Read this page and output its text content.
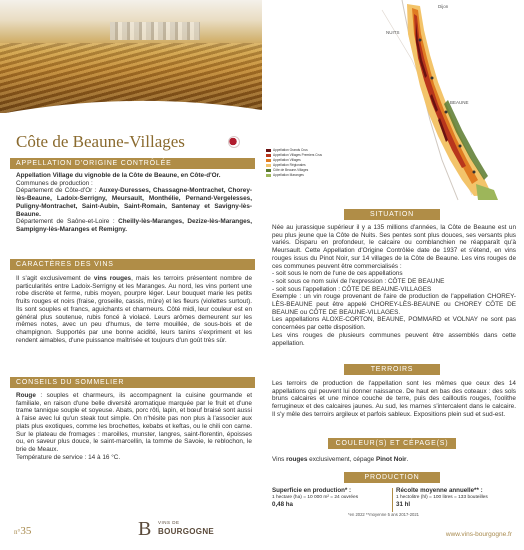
Côte de Beaune-Villages
APPELLATION D'ORIGINE CONTRÔLÉE
Appellation Village du vignoble de la Côte de Beaune, en Côte-d'Or.
Communes de production :
Département de Côte-d'Or : Auxey-Duresses, Chassagne-Montrachet, Chorey-lès-Beaune, Ladoix-Serrigny, Meursault, Monthélie, Pernand-Vergelesses, Puligny-Montrachet, Saint-Aubin, Saint-Romain, Santenay et Savigny-lès-Beaune.
Département de Saône-et-Loire : Cheilly-lès-Maranges, Dezize-lès-Maranges, Sampigny-lès-Maranges et Remigny.
CARACTÈRES DES VINS
Il s'agit exclusivement de vins rouges, mais les terroirs présentent nombre de particularités entre Ladoix-Serrigny et les Maranges. Au nord, les vins portent une robe discrète et ferme, rubis moyen, pourpre léger. Leur bouquet marie les petits fruits rouges et noirs (fraise, groseille, cassis, mûre) et les fleurs (violettes surtout). Ils sont souples et francs, aguichants et charmeurs. Côté midi, leur couleur est en général plus soutenue, rubis foncé à violacé. Leurs arômes demeurent sur les mêmes notes, avec un peu d'humus, de terre mouillée, de sous-bois et de champignon. Supportés par une bonne acidité, leurs tanins s'expriment et les rendent aimables, d'une puissance maîtrisée et toujours d'un goût très sûr.
CONSEILS DU SOMMELIER
Rouge : souples et charmeurs, ils accompagnent la cuisine gourmande et familiale, en raison d'une belle diversité aromatique marquée par le fruit et d'une trame tannique souple et soyeuse. Abats, porc rôti, lapin, et bœuf braisé sont aussi à l'aise avec lui qu'un steak tout simple. On n'hésite pas non plus à l'associer aux plats plus exotiques, comme les brochettes, kebabs et keftas, ou le chili con carne. Sur le plateau de fromages : maroilles, munster, langres, saint-florentin, époisses ou, en saveur plus douce, le saint-marcellin, la tomme de Savoie, le reblochon, le brie de Meaux.
Température de service : 14 à 16 °C.
n°35	B	VINS DE
BOURGOGNE
NUITS
BEAUNE
Dijon
Appellation Grands Crus
Appellation Villages Premiers Crus
Appellation Villages
Appellation Régionales
Côte de Beaune-Villages
Appellation Maranges
SITUATION
Née au jurassique supérieur il y a 135 millions d'années, la Côte de Beaune est un peu plus jeune que la Côte de Nuits. Ses pentes sont plus douces, ses versants plus variés. Disparu en profondeur, le calcaire ou comblanchien ne réapparaît qu'à Meursault. Cette Appellation d'Origine Contrôlée date de 1937 et s'étend, en vins rouges issus du Pinot Noir, sur 14 villages de la Côte de Beaune. Les vins rouges de ces communes peuvent être commercialisés :
- soit sous le nom de l'une de ces appellations
- soit sous ce nom suivi de l'expression : CÔTE DE BEAUNE
- soit sous l'appellation : CÔTE DE BEAUNE-VILLAGES
Exemple : un vin rouge provenant de l'aire de production de l'appellation CHOREY-LÈS-BEAUNE peut être appelé CHOREY-LÈS-BEAUNE ou CHOREY CÔTE DE BEAUNE ou CÔTE DE BEAUNE-VILLAGES.
Les appellations ALOXE-CORTON, BEAUNE, POMMARD et VOLNAY ne sont pas concernées par cette disposition.
Les vins rouges de plusieurs communes peuvent être assemblés dans cette appellation.
TERROIRS
Les terroirs de production de l'appellation sont les mêmes que ceux des 14 appellations qui peuvent lui donner naissance. De haut en bas des coteaux : des sols bruns calcaires et une mince couche de terre, puis des cailloutis rouges, l'oolithe ferrugineux et des calcaires jaunes. Au sud, les marnes s'intercalent dans le calcaire. Il s'y mêle des terroirs argileux et parfois sableux. Expositions plein sud et sud-est.
COULEUR(S) ET CÉPAGE(S)
Vins rouges exclusivement, cépage Pinot Noir.
PRODUCTION
Superficie en production* :
1 hectare (ha) = 10 000 m² = 24 ouvrées
0,48 ha
Récolte moyenne annuelle** :
1 hectolitre (hl) = 100 litres = 133 bouteilles
31 hl
*en 2022 **moyenne 5 ans 2017-2021
www.vins-bourgogne.fr
